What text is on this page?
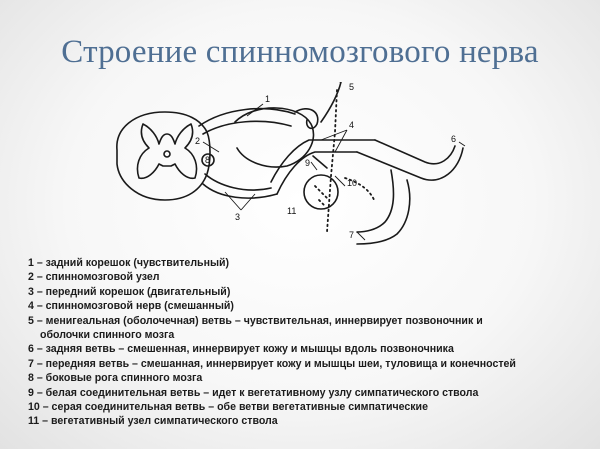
Строение спинномозгового нерва
1
2
3
4
5
6
7
8	9
10
11
1 – задний корешок (чувствительный)
2 – спинномозговой узел
3 – передний корешок (двигательный)
4 – спинномозговой нерв (смешанный)
5 – менигеальная (оболочечная) ветвь – чувствительная, иннервирует позвоночник и
оболочки спинного мозга
6 – задняя ветвь – смешенная, иннервирует кожу и мышцы вдоль позвоночника
7 – передняя ветвь – смешанная, иннервирует кожу и мышцы шеи, туловища и конечностей
8 – боковые рога спинного мозга
9 – белая соединительная ветвь – идет к вегетативному узлу симпатического ствола
10 – серая соединительная ветвь – обе ветви вегетативные симпатические
11 – вегетативный узел симпатического ствола
